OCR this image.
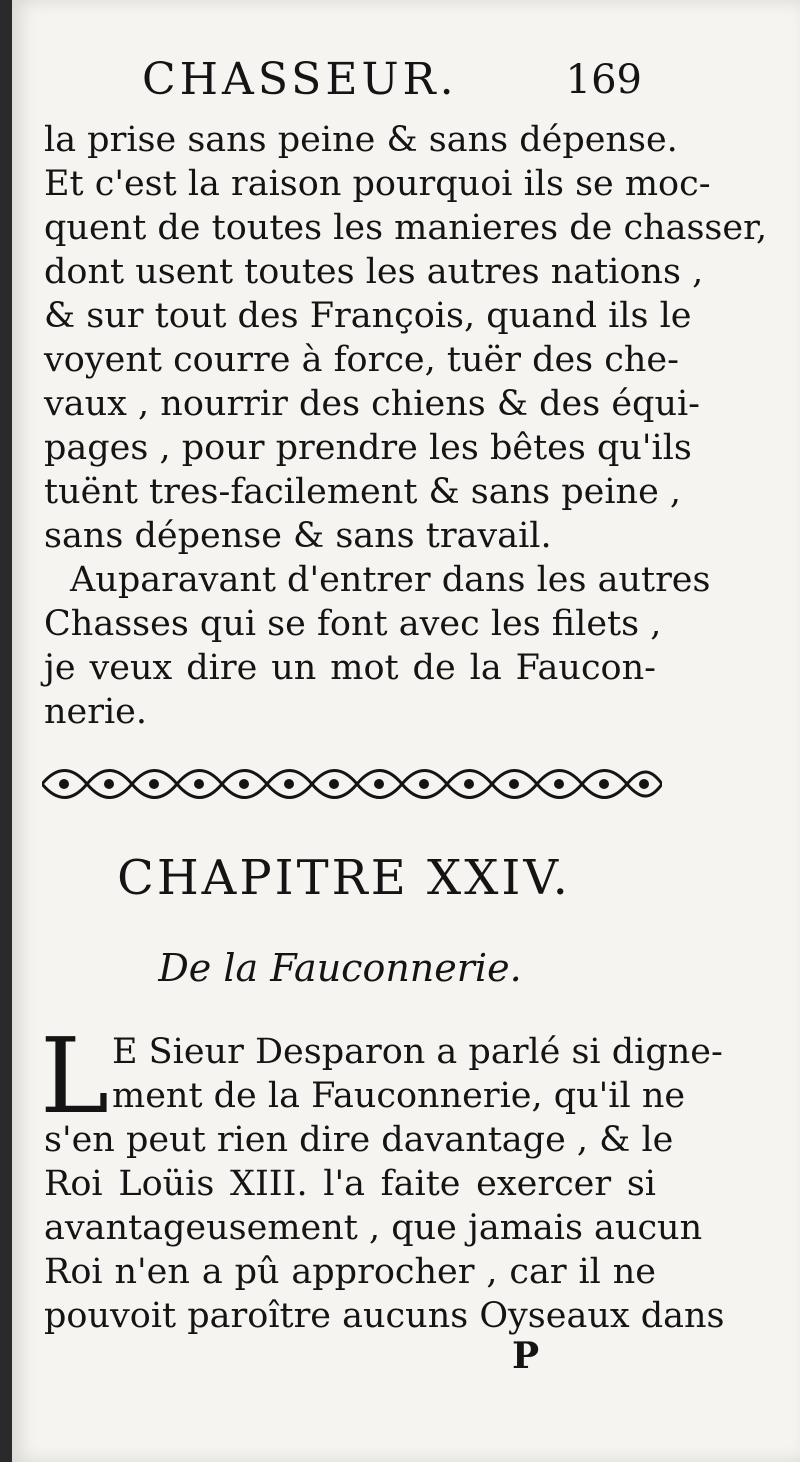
CHASSEUR.	169
la prise sans peine & sans dépense.
Et c'est la raison pourquoi ils se moc-
quent de toutes les manieres de chasser,
dont usent toutes les autres nations ,
& sur tout des François, quand ils le
voyent courre à force, tuër des che-
vaux , nourrir des chiens & des équi-
pages , pour prendre les bêtes qu'ils
tuënt tres-facilement & sans peine ,
sans dépense & sans travail.
Auparavant d'entrer dans les autres
Chasses qui se font avec les filets ,
je veux dire un mot de la Faucon-
nerie.
CHAPITRE XXIV.
De la Fauconnerie.
L E Sieur Desparon a parlé si digne-
ment de la Fauconnerie, qu'il ne
s'en peut rien dire davantage , & le
Roi Loüis XIII. l'a faite exercer si
avantageusement , que jamais aucun
Roi n'en a pû approcher , car il ne
pouvoit paroître aucuns Oyseaux dans
P
